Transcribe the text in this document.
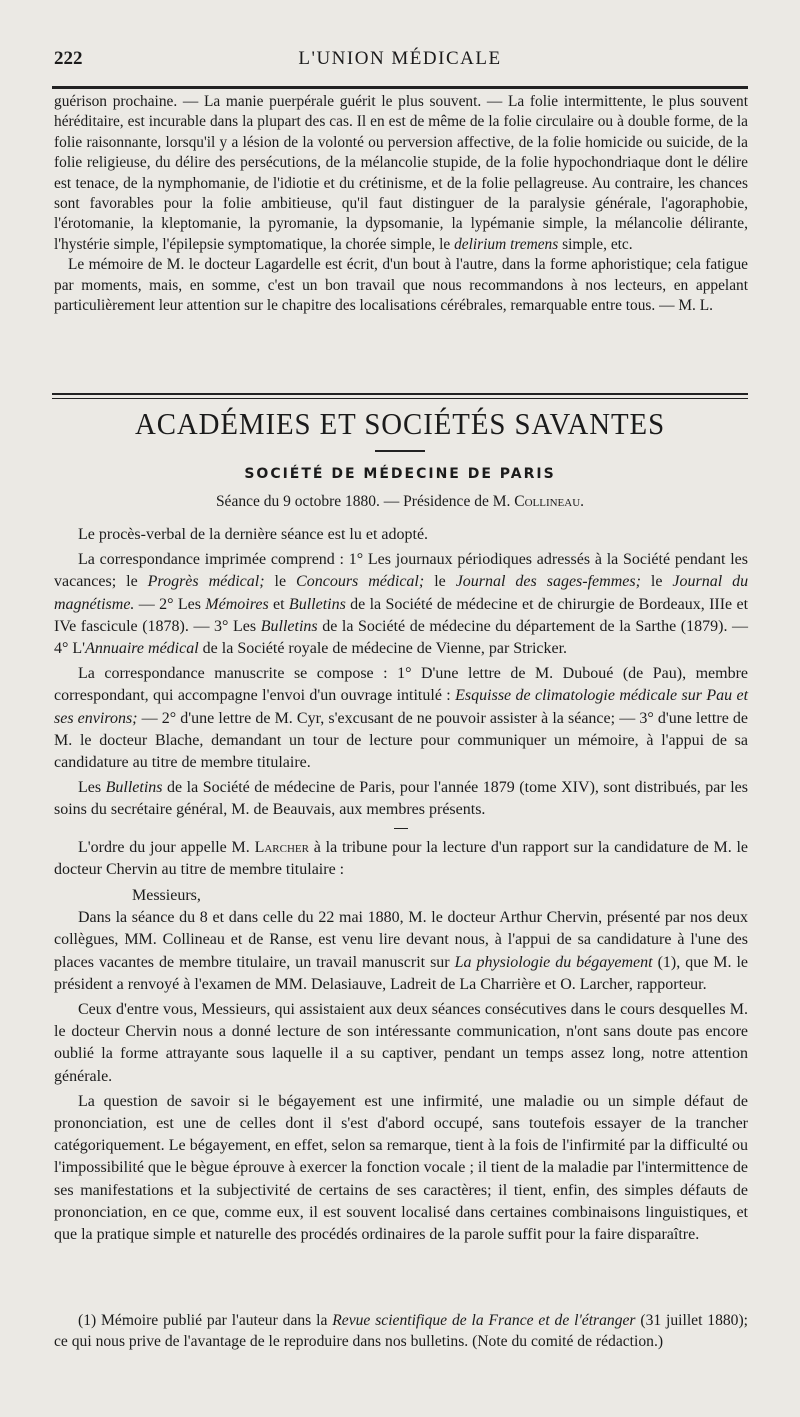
222	L'UNION MÉDICALE

guérison prochaine. — La manie puerpérale guérit le plus souvent. — La folie intermittente, le plus souvent héréditaire, est incurable dans la plupart des cas. Il en est de même de la folie circulaire ou à double forme, de la folie raisonnante, lorsqu'il y a lésion de la volonté ou perversion affective, de la folie homicide ou suicide, de la folie religieuse, du délire des persécutions, de la mélancolie stupide, de la folie hypochondriaque dont le délire est tenace, de la nymphomanie, de l'idiotie et du crétinisme, et de la folie pellagreuse. Au contraire, les chances sont favorables pour la folie ambitieuse, qu'il faut distinguer de la paralysie générale, l'agoraphobie, l'érotomanie, la kleptomanie, la pyromanie, la dypsomanie, la lypémanie simple, la mélancolie délirante, l'hystérie simple, l'épilepsie symptomatique, la chorée simple, le delirium tremens simple, etc.

Le mémoire de M. le docteur Lagardelle est écrit, d'un bout à l'autre, dans la forme aphoristique; cela fatigue par moments, mais, en somme, c'est un bon travail que nous recommandons à nos lecteurs, en appelant particulièrement leur attention sur le chapitre des localisations cérébrales, remarquable entre tous. — M. L.

ACADÉMIES ET SOCIÉTÉS SAVANTES
SOCIÉTÉ DE MÉDECINE DE PARIS
Séance du 9 octobre 1880. — Présidence de M. Collineau.

Le procès-verbal de la dernière séance est lu et adopté.

La correspondance imprimée comprend : 1° Les journaux périodiques adressés à la Société pendant les vacances; le Progrès médical; le Concours médical; le Journal des sages-femmes; le Journal du magnétisme. — 2° Les Mémoires et Bulletins de la Société de médecine et de chirurgie de Bordeaux, IIIe et IVe fascicule (1878). — 3° Les Bulletins de la Société de médecine du département de la Sarthe (1879). — 4° L'Annuaire médical de la Société royale de médecine de Vienne, par Stricker.

La correspondance manuscrite se compose : 1° D'une lettre de M. Duboué (de Pau), membre correspondant, qui accompagne l'envoi d'un ouvrage intitulé : Esquisse de climatologie médicale sur Pau et ses environs; — 2° d'une lettre de M. Cyr, s'excusant de ne pouvoir assister à la séance; — 3° d'une lettre de M. le docteur Blache, demandant un tour de lecture pour communiquer un mémoire, à l'appui de sa candidature au titre de membre titulaire.

Les Bulletins de la Société de médecine de Paris, pour l'année 1879 (tome XIV), sont distribués, par les soins du secrétaire général, M. de Beauvais, aux membres présents.

L'ordre du jour appelle M. Larcher à la tribune pour la lecture d'un rapport sur la candidature de M. le docteur Chervin au titre de membre titulaire :

Messieurs,

Dans la séance du 8 et dans celle du 22 mai 1880, M. le docteur Arthur Chervin, présenté par nos deux collègues, MM. Collineau et de Ranse, est venu lire devant nous, à l'appui de sa candidature à l'une des places vacantes de membre titulaire, un travail manuscrit sur La physiologie du bégayement (1), que M. le président a renvoyé à l'examen de MM. Delasiauve, Ladreit de La Charrière et O. Larcher, rapporteur.

Ceux d'entre vous, Messieurs, qui assistaient aux deux séances consécutives dans le cours desquelles M. le docteur Chervin nous a donné lecture de son intéressante communication, n'ont sans doute pas encore oublié la forme attrayante sous laquelle il a su captiver, pendant un temps assez long, notre attention générale.

La question de savoir si le bégayement est une infirmité, une maladie ou un simple défaut de prononciation, est une de celles dont il s'est d'abord occupé, sans toutefois essayer de la trancher catégoriquement. Le bégayement, en effet, selon sa remarque, tient à la fois de l'infirmité par la difficulté ou l'impossibilité que le bègue éprouve à exercer la fonction vocale ; il tient de la maladie par l'intermittence de ses manifestations et la subjectivité de certains de ses caractères; il tient, enfin, des simples défauts de prononciation, en ce que, comme eux, il est souvent localisé dans certaines combinaisons linguistiques, et que la pratique simple et naturelle des procédés ordinaires de la parole suffit pour la faire disparaître.

(1) Mémoire publié par l'auteur dans la Revue scientifique de la France et de l'étranger (31 juillet 1880); ce qui nous prive de l'avantage de le reproduire dans nos bulletins. (Note du comité de rédaction.)
